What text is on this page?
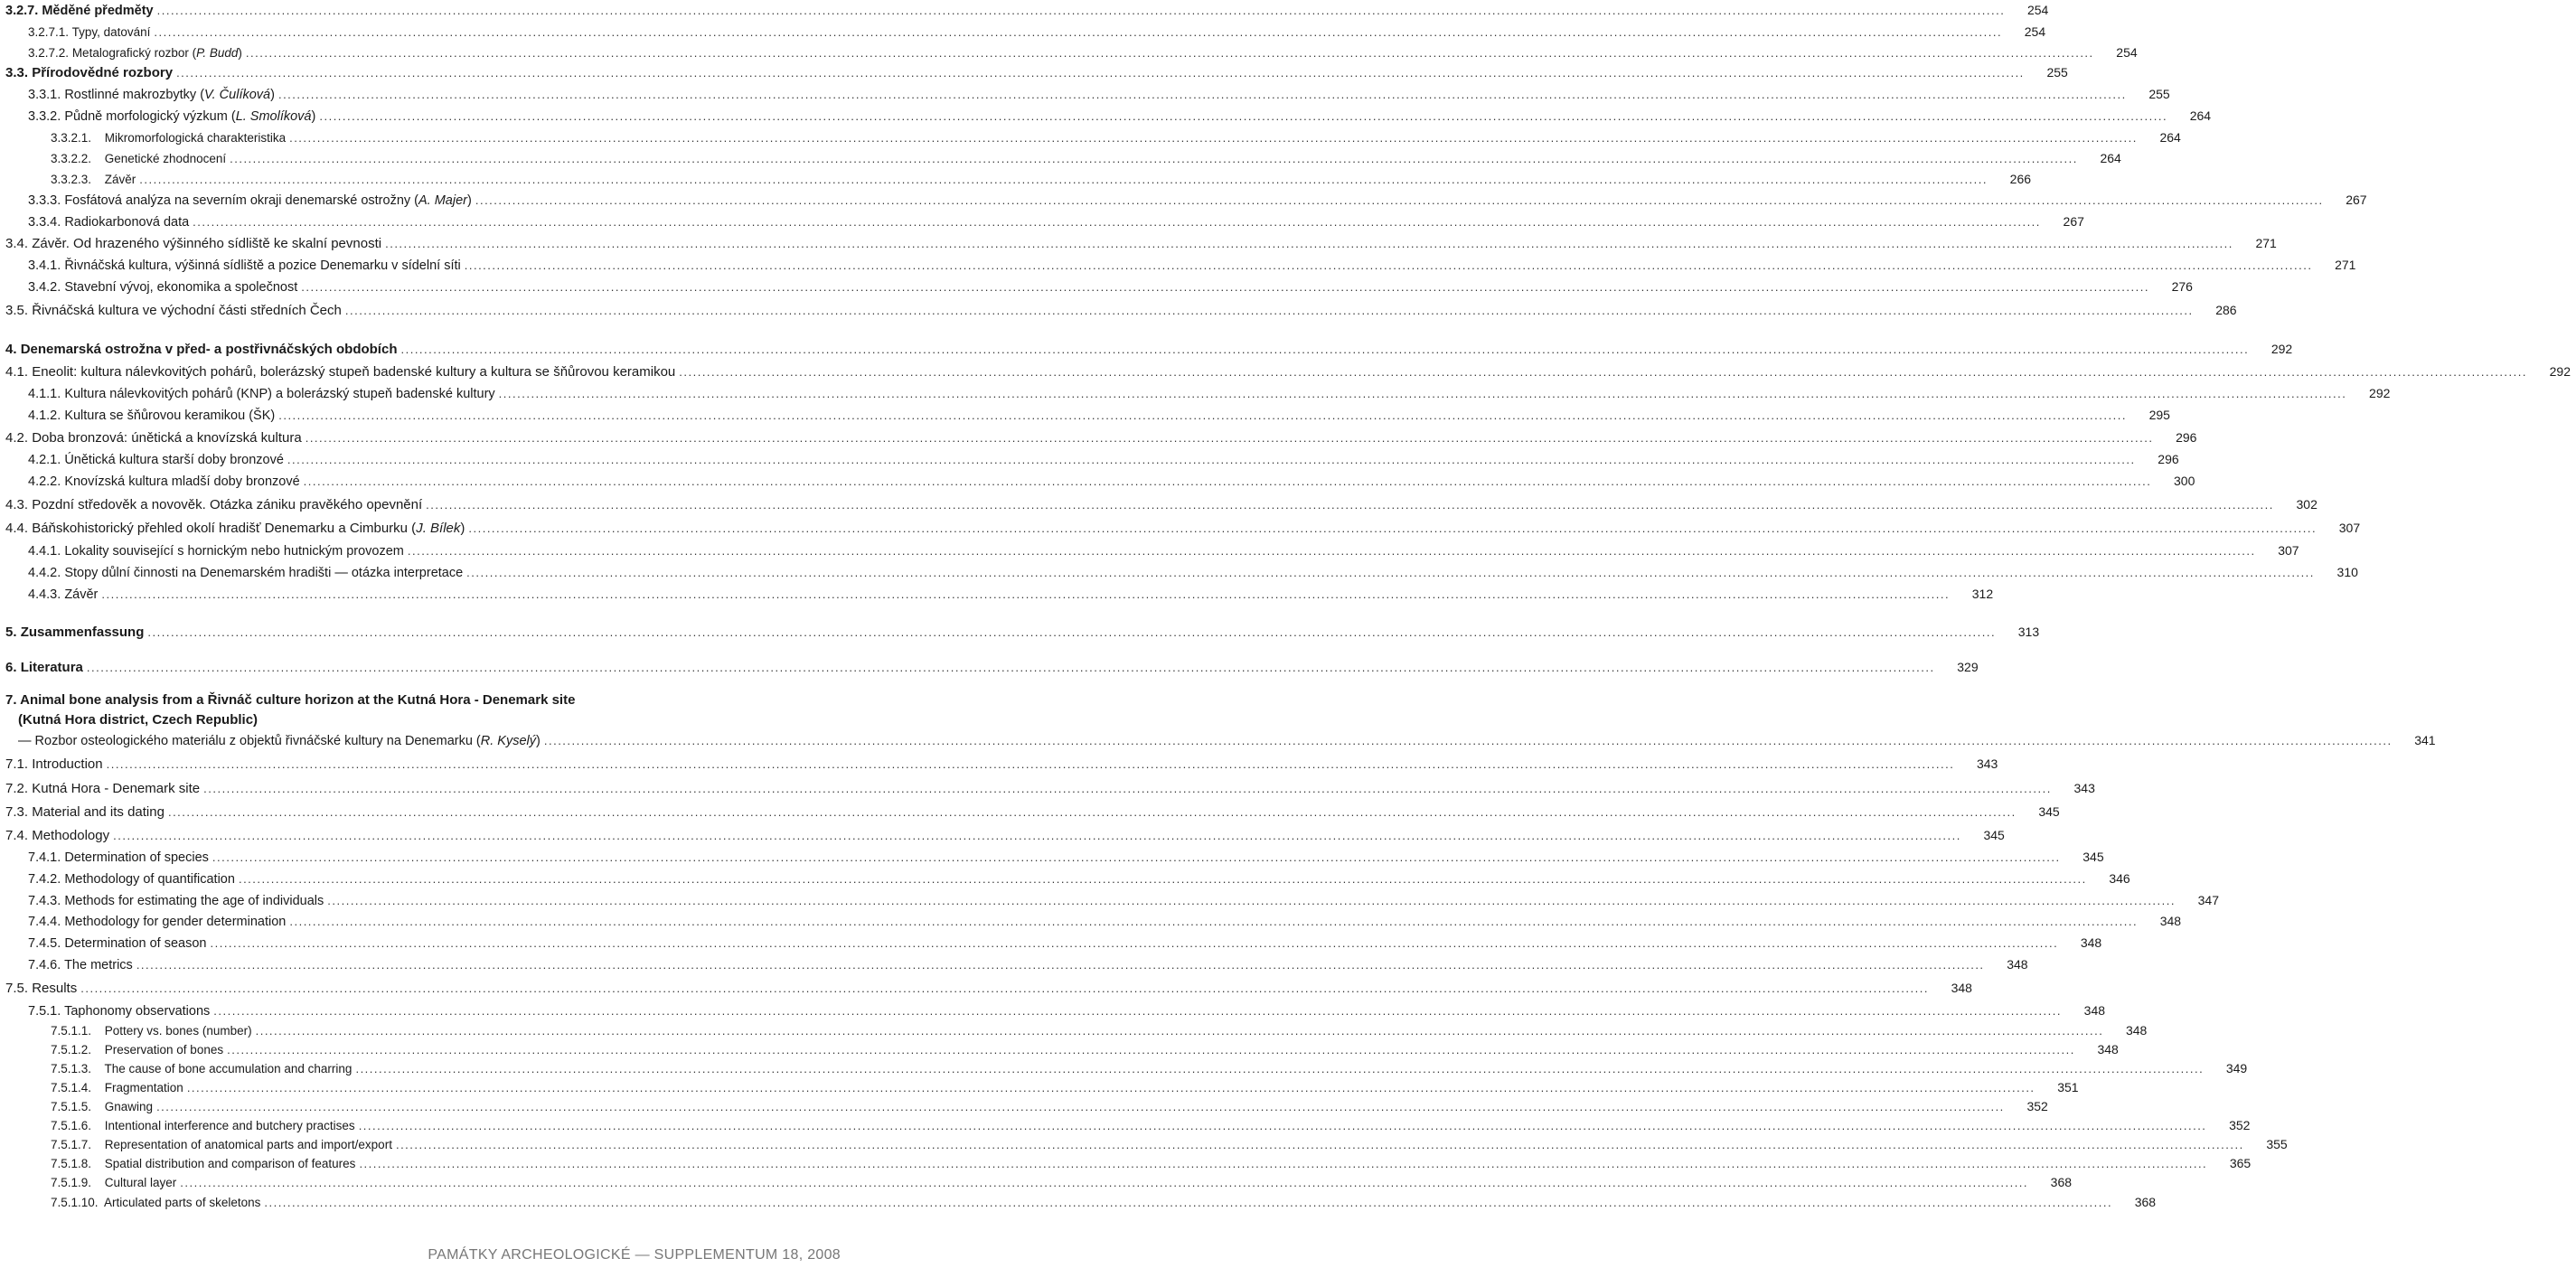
3.2.7. Měděné předměty ................................................................................................................................................................................................................................................................................................................................................................................................................	254
3.2.7.1. Typy, datování ................................................................................................................................................................................................................................................................................................................................................................................................................	254
3.2.7.2. Metalografický rozbor (P. Budd) ................................................................................................................................................................................................................................................................................................................................................................................................................	254
3.3. Přírodovědné rozbory ................................................................................................................................................................................................................................................................................................................................................................................................................	255
3.3.1. Rostlinné makrozbytky (V. Čulíková) ................................................................................................................................................................................................................................................................................................................................................................................................................	255
3.3.2. Půdně morfologický výzkum (L. Smolíková) ................................................................................................................................................................................................................................................................................................................................................................................................................	264
3.3.2.1. Mikromorfologická charakteristika ................................................................................................................................................................................................................................................................................................................................................................................................................	264
3.3.2.2. Genetické zhodnocení ................................................................................................................................................................................................................................................................................................................................................................................................................	264
3.3.2.3. Závěr ................................................................................................................................................................................................................................................................................................................................................................................................................	266
3.3.3. Fosfátová analýza na severním okraji denemarské ostrožny (A. Majer) ................................................................................................................................................................................................................................................................................................................................................................................................................	267
3.3.4. Radiokarbonová data ................................................................................................................................................................................................................................................................................................................................................................................................................	267
3.4. Závěr. Od hrazeného výšinného sídliště ke skalní pevnosti ................................................................................................................................................................................................................................................................................................................................................................................................................	271
3.4.1. Řivnáčská kultura, výšinná sídliště a pozice Denemarku v sídelní síti ................................................................................................................................................................................................................................................................................................................................................................................................................	271
3.4.2. Stavební vývoj, ekonomika a společnost ................................................................................................................................................................................................................................................................................................................................................................................................................	276
3.5. Řivnáčská kultura ve východní části středních Čech ................................................................................................................................................................................................................................................................................................................................................................................................................	286
4. Denemarská ostrožna v před- a postřivnáčských obdobích ................................................................................................................................................................................................................................................................................................................................................................................................................	292
4.1. Eneolit: kultura nálevkovitých pohárů, bolerázský stupeň badenské kultury a kultura se šňůrovou keramikou ................................................................................................................................................................................................................................................................................................................................................................................................................	292
4.1.1. Kultura nálevkovitých pohárů (KNP) a bolerázský stupeň badenské kultury ................................................................................................................................................................................................................................................................................................................................................................................................................	292
4.1.2. Kultura se šňůrovou keramikou (ŠK) ................................................................................................................................................................................................................................................................................................................................................................................................................	295
4.2. Doba bronzová: únětická a knovízská kultura ................................................................................................................................................................................................................................................................................................................................................................................................................	296
4.2.1. Únětická kultura starší doby bronzové ................................................................................................................................................................................................................................................................................................................................................................................................................	296
4.2.2. Knovízská kultura mladší doby bronzové ................................................................................................................................................................................................................................................................................................................................................................................................................	300
4.3. Pozdní středověk a novověk. Otázka zániku pravěkého opevnění ................................................................................................................................................................................................................................................................................................................................................................................................................	302
4.4. Báňskohistorický přehled okolí hradišť Denemarku a Cimburku (J. Bílek) ................................................................................................................................................................................................................................................................................................................................................................................................................	307
4.4.1. Lokality související s hornickým nebo hutnickým provozem ................................................................................................................................................................................................................................................................................................................................................................................................................	307
4.4.2. Stopy důlní činnosti na Denemarském hradišti — otázka interpretace ................................................................................................................................................................................................................................................................................................................................................................................................................	310
4.4.3. Závěr ................................................................................................................................................................................................................................................................................................................................................................................................................	312
5. Zusammenfassung ................................................................................................................................................................................................................................................................................................................................................................................................................	313
6. Literatura ................................................................................................................................................................................................................................................................................................................................................................................................................	329
— Rozbor osteologického materiálu z objektů řivnáčské kultury na Denemarku (R. Kyselý) ................................................................................................................................................................................................................................................................................................................................................................................................................	341
7.1. Introduction ................................................................................................................................................................................................................................................................................................................................................................................................................	343
7.2. Kutná Hora - Denemark site ................................................................................................................................................................................................................................................................................................................................................................................................................	343
7.3. Material and its dating ................................................................................................................................................................................................................................................................................................................................................................................................................	345
7.4. Methodology ................................................................................................................................................................................................................................................................................................................................................................................................................	345
7.4.1. Determination of species ................................................................................................................................................................................................................................................................................................................................................................................................................	345
7.4.2. Methodology of quantification ................................................................................................................................................................................................................................................................................................................................................................................................................	346
7.4.3. Methods for estimating the age of individuals ................................................................................................................................................................................................................................................................................................................................................................................................................	347
7.4.4. Methodology for gender determination ................................................................................................................................................................................................................................................................................................................................................................................................................	348
7.4.5. Determination of season ................................................................................................................................................................................................................................................................................................................................................................................................................	348
7.4.6. The metrics ................................................................................................................................................................................................................................................................................................................................................................................................................	348
7.5. Results ................................................................................................................................................................................................................................................................................................................................................................................................................	348
7.5.1. Taphonomy observations ................................................................................................................................................................................................................................................................................................................................................................................................................	348
7.5.1.1. Pottery vs. bones (number) ................................................................................................................................................................................................................................................................................................................................................................................................................	348
7.5.1.2. Preservation of bones ................................................................................................................................................................................................................................................................................................................................................................................................................	348
7.5.1.3. The cause of bone accumulation and charring ................................................................................................................................................................................................................................................................................................................................................................................................................	349
7.5.1.4. Fragmentation ................................................................................................................................................................................................................................................................................................................................................................................................................	351
7.5.1.5. Gnawing ................................................................................................................................................................................................................................................................................................................................................................................................................	352
7.5.1.6. Intentional interference and butchery practises ................................................................................................................................................................................................................................................................................................................................................................................................................	352
7.5.1.7. Representation of anatomical parts and import/export ................................................................................................................................................................................................................................................................................................................................................................................................................	355
7.5.1.8. Spatial distribution and comparison of features ................................................................................................................................................................................................................................................................................................................................................................................................................	365
7.5.1.9. Cultural layer ................................................................................................................................................................................................................................................................................................................................................................................................................	368
7.5.1.10. Articulated parts of skeletons ................................................................................................................................................................................................................................................................................................................................................................................................................	368
7. Animal bone analysis from a Řivnáč culture horizon at the Kutná Hora - Denemark site
(Kutná Hora district, Czech Republic)
PAMÁTKY ARCHEOLOGICKÉ — SUPPLEMENTUM 18, 2008
